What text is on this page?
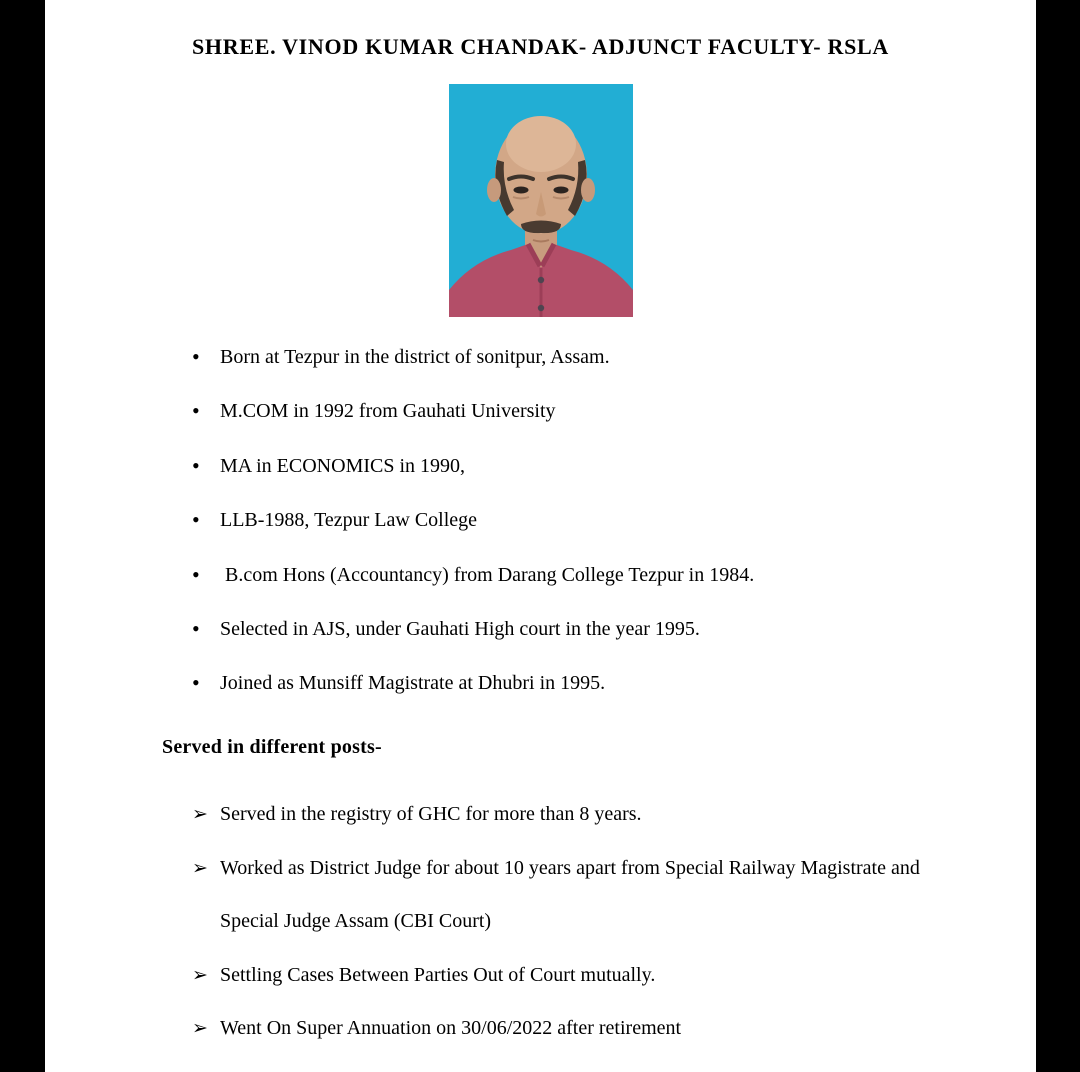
SHREE. VINOD KUMAR CHANDAK- ADJUNCT FACULTY- RSLA
• Born at Tezpur in the district of sonitpur, Assam.
• M.COM in 1992 from Gauhati University
• MA in ECONOMICS in 1990,
• LLB-1988, Tezpur Law College
• B.com Hons (Accountancy) from Darang College Tezpur in 1984.
• Selected in AJS, under Gauhati High court in the year 1995.
• Joined as Munsiff Magistrate at Dhubri in 1995.
Served in different posts-
➢ Served in the registry of GHC for more than 8 years.
➢ Worked as District Judge for about 10 years apart from Special Railway Magistrate and Special Judge Assam (CBI Court)
➢ Settling Cases Between Parties Out of Court mutually.
➢ Went On Super Annuation on 30/06/2022 after retirement
